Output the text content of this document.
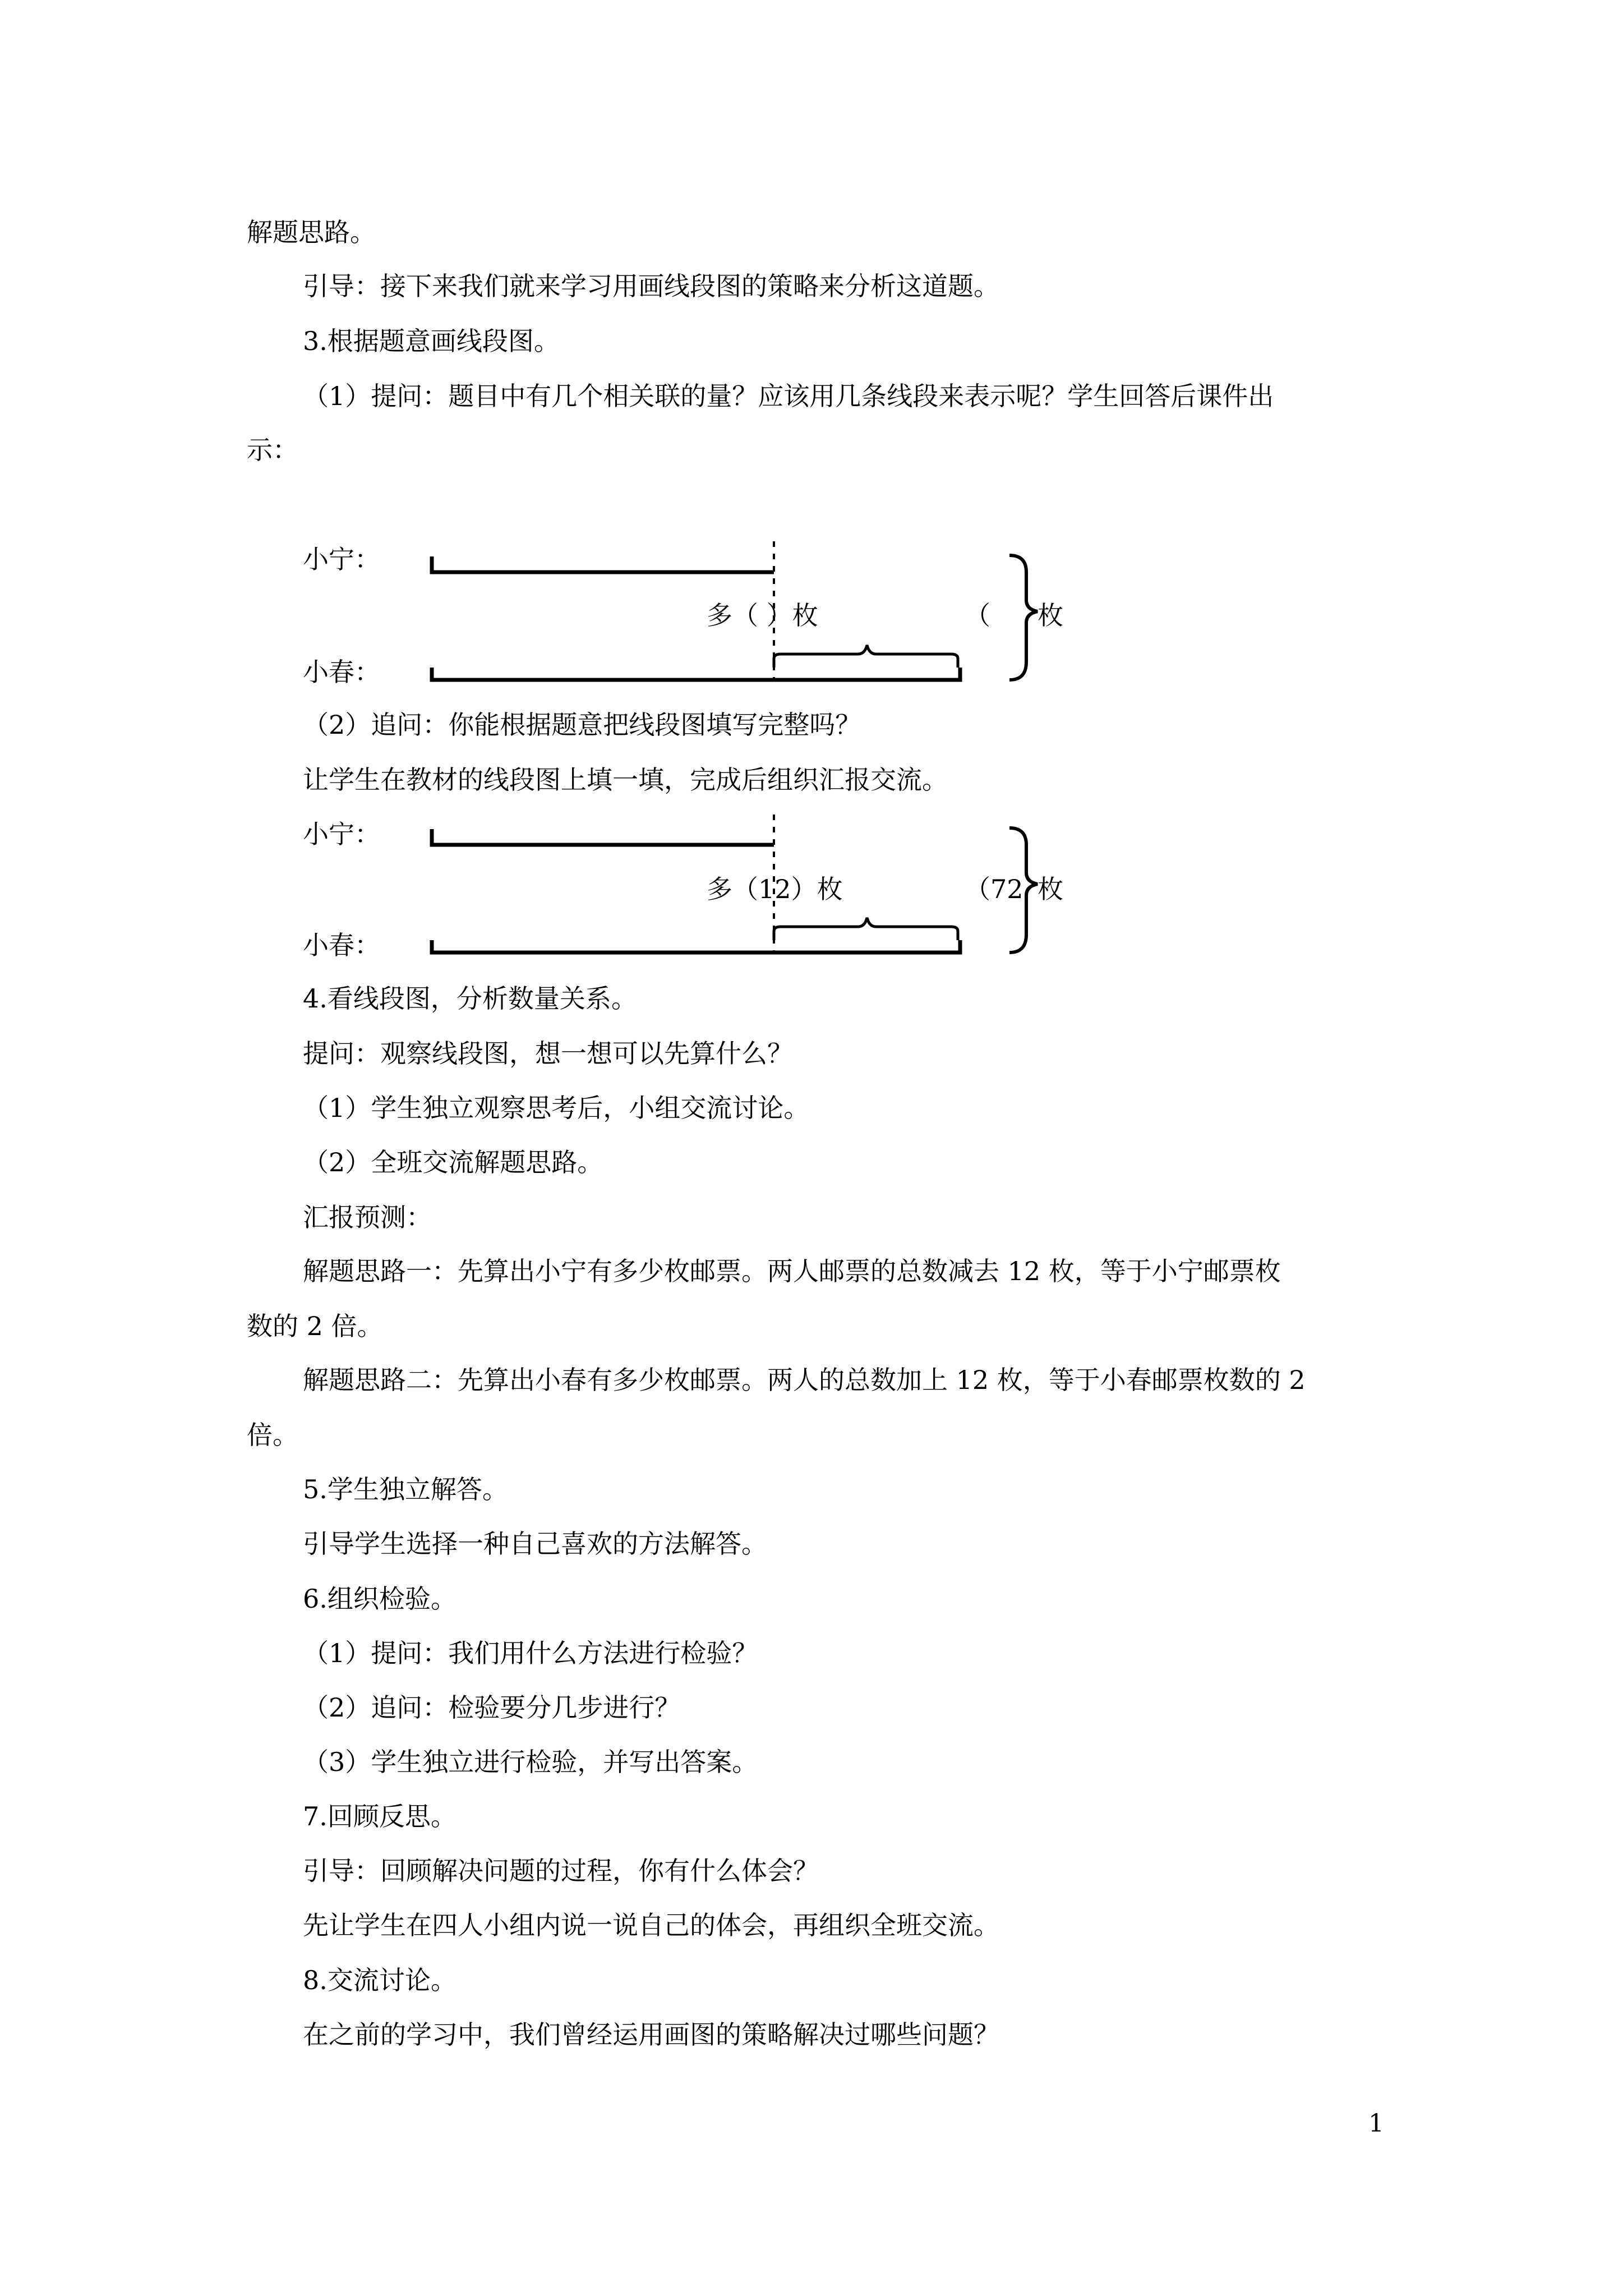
解题思路。

引导：接下来我们就来学习用画线段图的策略来分析这道题。

3.根据题意画线段图。

（1）提问：题目中有几个相关联的量？应该用几条线段来表示呢？学生回答后课件出

示：

小宁：
多（ ）枚	（ 枚
小春：

（2）追问：你能根据题意把线段图填写完整吗？

让学生在教材的线段图上填一填，完成后组织汇报交流。

小宁：
多（12）枚	（72 枚
小春：

4.看线段图，分析数量关系。

提问：观察线段图，想一想可以先算什么？

（1）学生独立观察思考后，小组交流讨论。

（2）全班交流解题思路。

汇报预测：

解题思路一：先算出小宁有多少枚邮票。两人邮票的总数减去 12 枚，等于小宁邮票枚

数的 2 倍。

解题思路二：先算出小春有多少枚邮票。两人的总数加上 12 枚，等于小春邮票枚数的 2

倍。

5.学生独立解答。

引导学生选择一种自己喜欢的方法解答。

6.组织检验。

（1）提问：我们用什么方法进行检验？

（2）追问：检验要分几步进行？

（3）学生独立进行检验，并写出答案。

7.回顾反思。

引导：回顾解决问题的过程，你有什么体会？

先让学生在四人小组内说一说自己的体会，再组织全班交流。

8.交流讨论。

在之前的学习中，我们曾经运用画图的策略解决过哪些问题？

1
